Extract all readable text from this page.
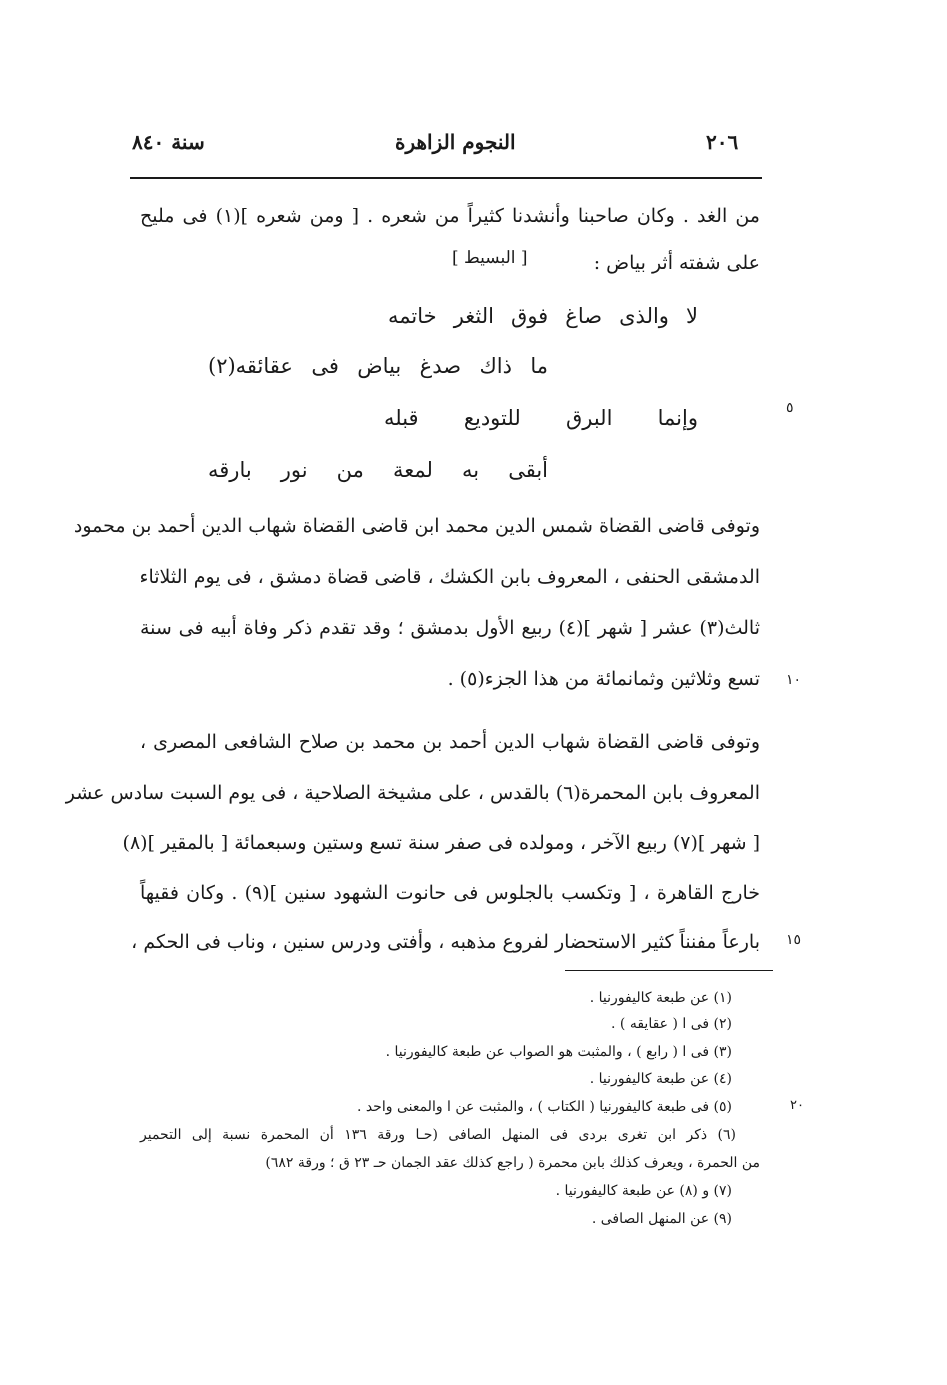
٢٠٦
النجوم الزاهرة
سنة ٨٤٠
من الغد . وكان صاحبنا وأنشدنا كثيراً من شعره . [ ومن شعره ](١) فى مليح
على شفته أثر بياض :
[ البسيط ]
لا والذى صاغ فوق الثغر خاتمه
ما ذاك صدغ بياض فى عقائقه(٢)
وإنما البرق للتوديع قبله
أبقى به لمعة من نور بارقه
٥
وتوفى قاضى القضاة شمس الدين محمد ابن قاضى القضاة شهاب الدين أحمد بن محمود
الدمشقى الحنفى ، المعروف بابن الكشك ، قاضى قضاة دمشق ، فى يوم الثلاثاء
ثالث(٣) عشر [ شهر ](٤) ربيع الأول بدمشق ؛ وقد تقدم ذكر وفاة أبيه فى سنة
تسع وثلاثين وثمانمائة من هذا الجزء(٥) . ١٠
وتوفى قاضى القضاة شهاب الدين أحمد بن محمد بن صلاح الشافعى المصرى ،
المعروف بابن المحمرة(٦) بالقدس ، على مشيخة الصلاحية ، فى يوم السبت سادس عشر
[ شهر ](٧) ربيع الآخر ، ومولده فى صفر سنة تسع وستين وسبعمائة [ بالمقير ](٨)
خارج القاهرة ، [ وتكسب بالجلوس فى حانوت الشهود سنين ](٩) . وكان فقيهاً
بارعاً مفنناً كثير الاستحضار لفروع مذهبه ، وأفتى ودرس سنين ، وناب فى الحكم ، ١٥
(١) عن طبعة كاليفورنيا .
(٢) فى ا ( عقايقه ) .
(٣) فى ا ( رابع ) ، والمثبت هو الصواب عن طبعة كاليفورنيا .
(٤) عن طبعة كاليفورنيا .
(٥) فى طبعة كاليفورنيا ( الكتاب ) ، والمثبت عن ا والمعنى واحد .	٢٠
(٦) ذكر ابن تغرى بردى فى المنهل الصافى (حـا ورقة ١٣٦ أن المحمرة نسبة إلى التحمير
من الحمرة ، ويعرف كذلك بابن محمرة ( راجع كذلك عقد الجمان حـ ٢٣ ق ؛ ورقة ٦٨٢)
(٧) و (٨) عن طبعة كاليفورنيا .
(٩) عن المنهل الصافى .
